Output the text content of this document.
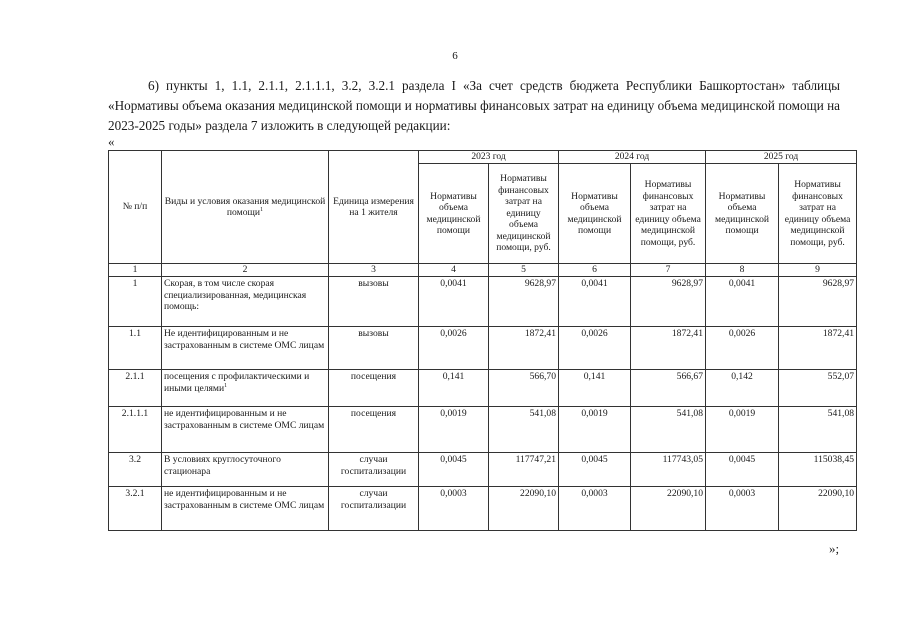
6

6) пункты 1, 1.1, 2.1.1, 2.1.1.1, 3.2, 3.2.1 раздела I «За счет средств бюджета Республики Башкортостан» таблицы «Нормативы объема оказания медицинской помощи и нормативы финансовых затрат на единицу объема медицинской помощи на 2023-2025 годы» раздела 7 изложить в следующей редакции:

«
№ п/п	Виды и условия оказания медицинской помощи$^1$	Единица измерения на 1 жителя	2023 год		2024 год		2025 год	
			Нормативы объема медицинской помощи	Нормативы финансовых затрат на единицу объема медицинской помощи, руб.	Нормативы объема медицинской помощи	Нормативы финансовых затрат на единицу объема медицинской помощи, руб.	Нормативы объема медицинской помощи	Нормативы финансовых затрат на единицу объема медицинской помощи, руб.
1	2	3	4	5	6	7	8	9
1	Скорая, в том числе скорая специализированная, медицинская помощь:	вызовы	0,0041	9628,97	0,0041	9628,97	0,0041	9628,97
1.1	Не идентифицированным и не застрахованным в системе ОМС лицам	вызовы	0,0026	1872,41	0,0026	1872,41	0,0026	1872,41
2.1.1	посещения с профилактическими и иными целями$^1$	посещения	0,141	566,70	0,141	566,67	0,142	552,07
2.1.1.1	не идентифицированным и не застрахованным в системе ОМС лицам	посещения	0,0019	541,08	0,0019	541,08	0,0019	541,08
3.2	В условиях круглосуточного стационара	случаи госпитализации	0,0045	117747,21	0,0045	117743,05	0,0045	115038,45
3.2.1	не идентифицированным и не застрахованным в системе ОМС лицам	случаи госпитализации	0,0003	22090,10	0,0003	22090,10	0,0003	22090,10
»;
